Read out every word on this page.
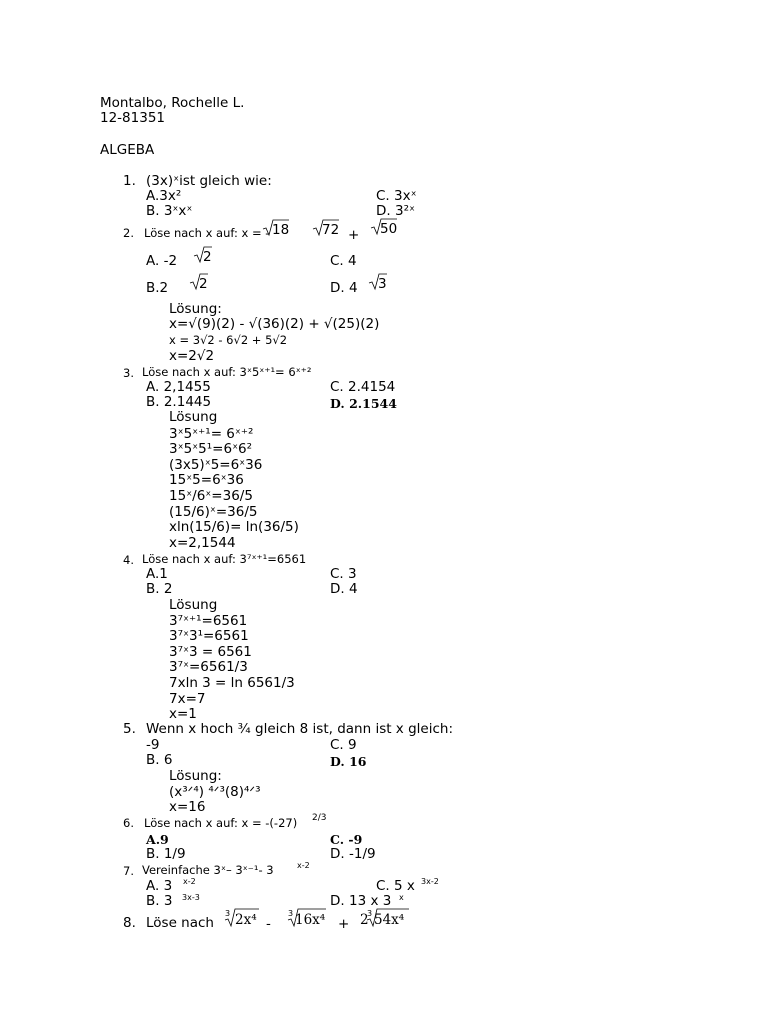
Montalbo, Rochelle L.
12-81351
ALGEBA
1. (3x)ˣist gleich wie:
A.3x²	C. 3xˣ
B. 3ˣxˣ	D. 3²ˣ
2. Löse nach x auf: x = - 18 72 + 50
A. -2 2	C. 4
B.2 2	D. 4 3
Lösung:
x=√(9)(2) - √(36)(2) + √(25)(2)
x = 3√2 - 6√2 + 5√2
x=2√2
3. Löse nach x auf: 3ˣ5ˣ⁺¹= 6ˣ⁺²
A. 2,1455	C. 2.4154
B. 2.1445	D. 2.1544
Lösung
3ˣ5ˣ⁺¹= 6ˣ⁺²
3ˣ5ˣ5¹=6ˣ6²
(3x5)ˣ5=6ˣ36
15ˣ5=6ˣ36
15ˣ/6ˣ=36/5
(15/6)ˣ=36/5
xln(15/6)= ln(36/5)
x=2,1544
4. Löse nach x auf: 3⁷ˣ⁺¹=6561
A.1	C. 3
B. 2	D. 4
Lösung
3⁷ˣ⁺¹=6561
3⁷ˣ3¹=6561
3⁷ˣ3 = 6561
3⁷ˣ=6561/3
7xln 3 = ln 6561/3
7x=7
x=1
5. Wenn x hoch ¾ gleich 8 ist, dann ist x gleich:
-9	C. 9
B. 6	D. 16
Lösung:
(x³ᐟ⁴) ⁴ᐟ³(8)⁴ᐟ³
x=16
6. Löse nach x auf: x = -(-27) 2/3
A.9	C. -9
B. 1/9	D. -1/9
7. Vereinfache 3ˣ– 3ˣ⁻¹- 3	x-2
A. 3 x-2	C. 5 x 3x-2
B. 3 3x-3	D. 13 x 3 x
8. Löse nach
3 2x⁴ -
3 16x⁴ + 2
3 54x⁴
